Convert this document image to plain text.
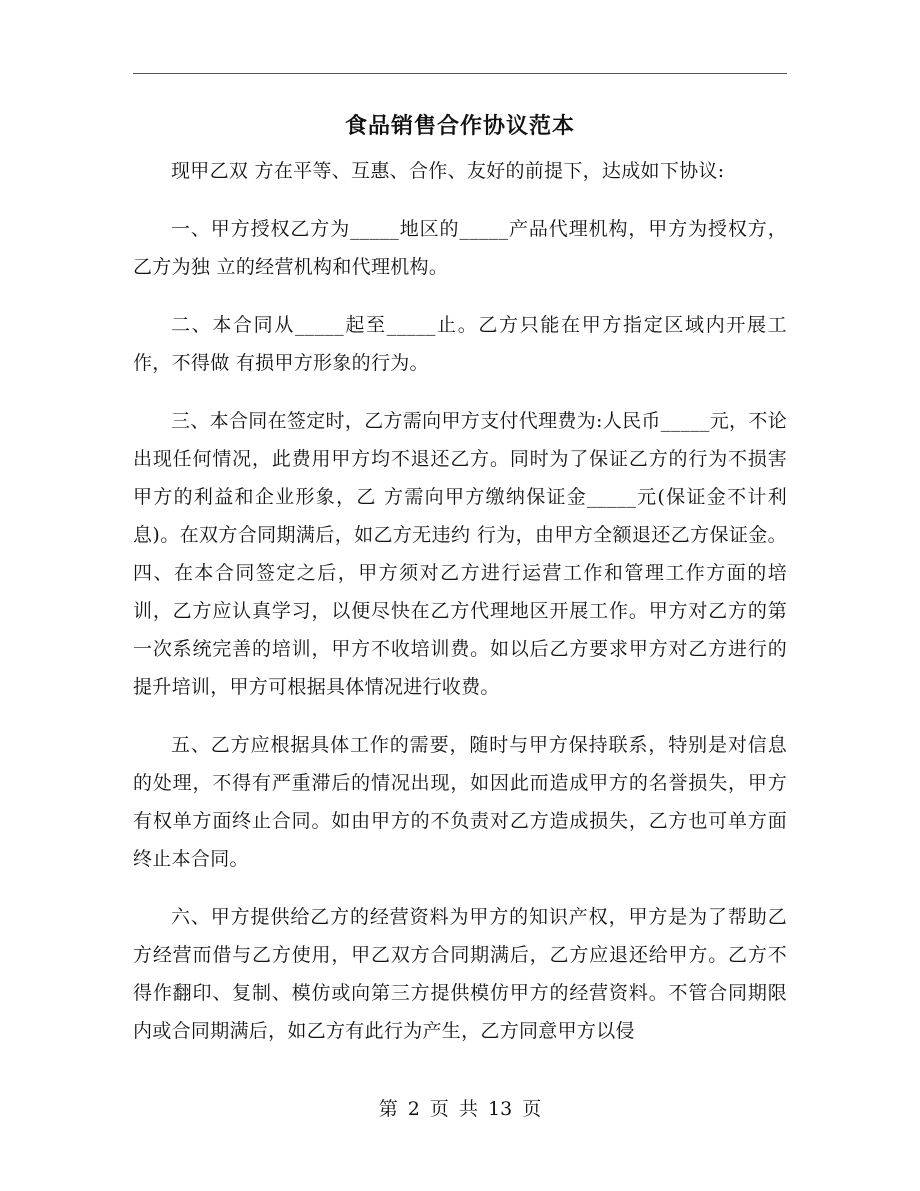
食品销售合作协议范本

现甲乙双 方在平等、互惠、合作、友好的前提下，达成如下协议:

一、甲方授权乙方为_____地区的_____产品代理机构，甲方为授权方，乙方为独 立的经营机构和代理机构。

二、本合同从_____起至_____止。乙方只能在甲方指定区域内开展工作，不得做 有损甲方形象的行为。

三、本合同在签定时，乙方需向甲方支付代理费为:人民币_____元，不论出现任何情况，此费用甲方均不退还乙方。同时为了保证乙方的行为不损害甲方的利益和企业形象，乙 方需向甲方缴纳保证金_____元(保证金不计利息)。在双方合同期满后，如乙方无违约 行为，由甲方全额退还乙方保证金。四、在本合同签定之后，甲方须对乙方进行运营工作和管理工作方面的培训，乙方应认真学习，以便尽快在乙方代理地区开展工作。甲方对乙方的第一次系统完善的培训，甲方不收培训费。如以后乙方要求甲方对乙方进行的提升培训，甲方可根据具体情况进行收费。

五、乙方应根据具体工作的需要，随时与甲方保持联系，特别是对信息的处理，不得有严重滞后的情况出现，如因此而造成甲方的名誉损失，甲方有权单方面终止合同。如由甲方的不负责对乙方造成损失，乙方也可单方面终止本合同。

六、甲方提供给乙方的经营资料为甲方的知识产权，甲方是为了帮助乙方经营而借与乙方使用，甲乙双方合同期满后，乙方应退还给甲方。乙方不得作翻印、复制、模仿或向第三方提供模仿甲方的经营资料。不管合同期限内或合同期满后，如乙方有此行为产生，乙方同意甲方以侵

第 2 页 共 13 页
